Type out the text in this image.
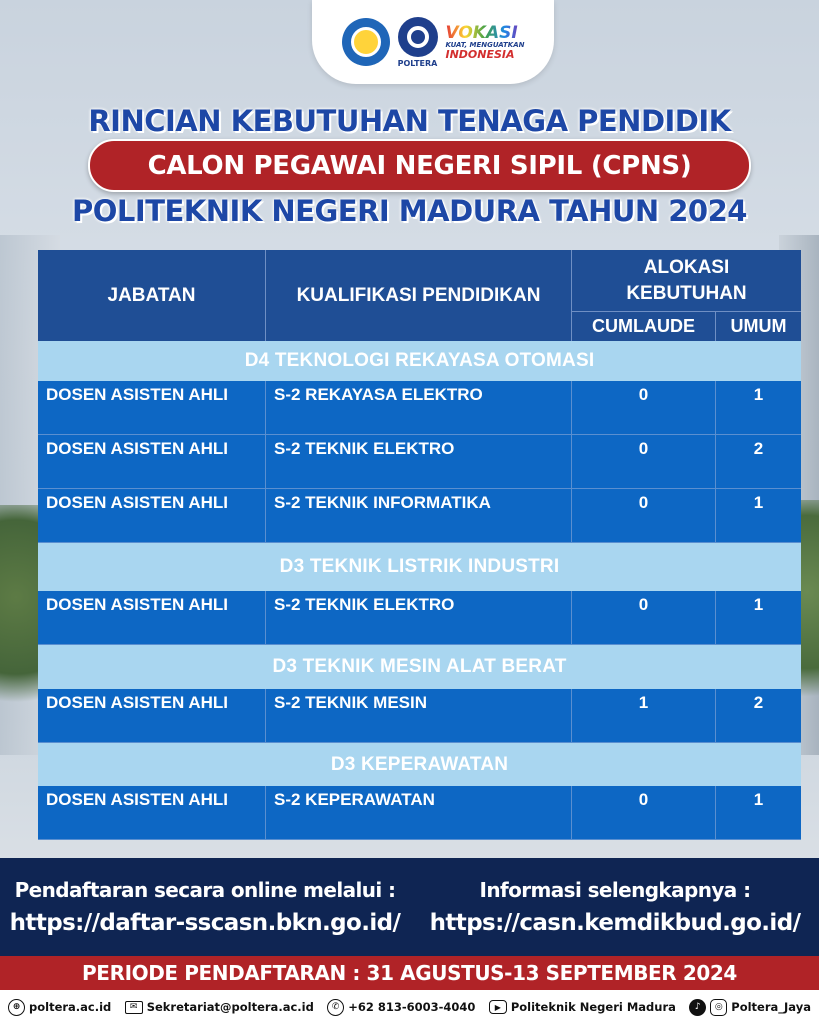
POLTERA
VOKASI
KUAT, MENGUATKAN
INDONESIA
RINCIAN KEBUTUHAN TENAGA PENDIDIK
CALON PEGAWAI NEGERI SIPIL (CPNS)
POLITEKNIK NEGERI MADURA TAHUN 2024
JABATAN	KUALIFIKASI PENDIDIKAN
ALOKASI KEBUTUHAN
CUMLAUDE	UMUM
D4 TEKNOLOGI REKAYASA OTOMASI
DOSEN ASISTEN AHLI	S-2 REKAYASA ELEKTRO	0	1
DOSEN ASISTEN AHLI	S-2 TEKNIK ELEKTRO	0	2
DOSEN ASISTEN AHLI	S-2 TEKNIK INFORMATIKA	0	1
D3 TEKNIK LISTRIK INDUSTRI
DOSEN ASISTEN AHLI	S-2 TEKNIK ELEKTRO	0	1
D3 TEKNIK MESIN ALAT BERAT
DOSEN ASISTEN AHLI	S-2 TEKNIK MESIN	1	2
D3 KEPERAWATAN
DOSEN ASISTEN AHLI	S-2 KEPERAWATAN	0	1
Pendaftaran secara online melalui :
https://daftar-sscasn.bkn.go.id/
Informasi selengkapnya :
https://casn.kemdikbud.go.id/
PERIODE PENDAFTARAN : 31 AGUSTUS-13 SEPTEMBER 2024
⊕ poltera.ac.id	✉ Sekretariat@poltera.ac.id	✆ +62 813-6003-4040	▶ Politeknik Negeri Madura	♪	◎ Poltera_Jaya
